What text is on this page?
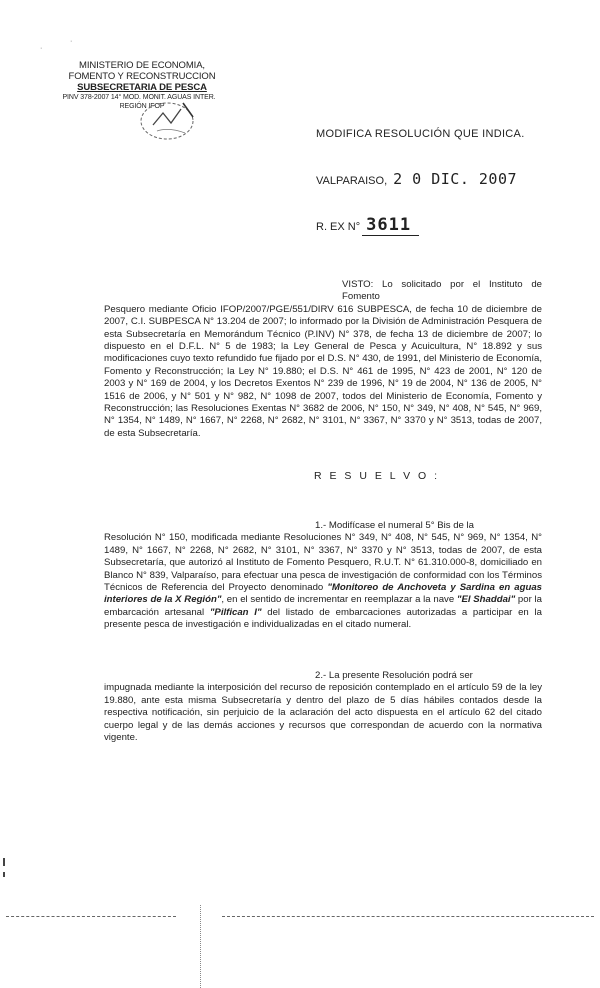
·
·
MINISTERIO DE ECONOMIA,
FOMENTO Y RECONSTRUCCION
SUBSECRETARIA DE PESCA
PINV 378-2007 14° MOD. MONIT. AGUAS INTER.
REGIÓN IFOP
MODIFICA RESOLUCIÓN QUE INDICA.
VALPARAISO, 2 0 DIC. 2007
R. EX N° 3611
VISTO: Lo solicitado por el Instituto de Fomento
Pesquero mediante Oficio IFOP/2007/PGE/551/DIRV 616 SUBPESCA, de fecha 10 de diciembre de 2007, C.I. SUBPESCA N° 13.204 de 2007; lo informado por la División de Administración Pesquera de esta Subsecretaría en Memorándum Técnico (P.INV) N° 378, de fecha 13 de diciembre de 2007; lo dispuesto en el D.F.L. N° 5 de 1983; la Ley General de Pesca y Acuicultura, N° 18.892 y sus modificaciones cuyo texto refundido fue fijado por el D.S. N° 430, de 1991, del Ministerio de Economía, Fomento y Reconstrucción; la Ley N° 19.880; el D.S. N° 461 de 1995, N° 423 de 2001, N° 120 de 2003 y N° 169 de 2004, y los Decretos Exentos N° 239 de 1996, N° 19 de 2004, N° 136 de 2005, N° 1516 de 2006, y N° 501 y N° 982, N° 1098 de 2007, todos del Ministerio de Economía, Fomento y Reconstrucción; las Resoluciones Exentas N° 3682 de 2006, N° 150, N° 349, N° 408, N° 545, N° 969, N° 1354, N° 1489, N° 1667, N° 2268, N° 2682, N° 3101, N° 3367, N° 3370 y N° 3513, todas de 2007, de esta Subsecretaría.
R E S U E L V O :
1.- Modifícase el numeral 5° Bis de la
Resolución N° 150, modificada mediante Resoluciones N° 349, N° 408, N° 545, N° 969, N° 1354, N° 1489, N° 1667, N° 2268, N° 2682, N° 3101, N° 3367, N° 3370 y N° 3513, todas de 2007, de esta Subsecretaría, que autorizó al Instituto de Fomento Pesquero, R.U.T. N° 61.310.000-8, domiciliado en Blanco N° 839, Valparaíso, para efectuar una pesca de investigación de conformidad con los Términos Técnicos de Referencia del Proyecto denominado "Monitoreo de Anchoveta y Sardina en aguas interiores de la X Región", en el sentido de incrementar en reemplazar a la nave "El Shaddai" por la embarcación artesanal "Pilfican I" del listado de embarcaciones autorizadas a participar en la presente pesca de investigación e individualizadas en el citado numeral.
2.- La presente Resolución podrá ser
impugnada mediante la interposición del recurso de reposición contemplado en el artículo 59 de la ley 19.880, ante esta misma Subsecretaría y dentro del plazo de 5 días hábiles contados desde la respectiva notificación, sin perjuicio de la aclaración del acto dispuesta en el artículo 62 del citado cuerpo legal y de las demás acciones y recursos que correspondan de acuerdo con la normativa vigente.
